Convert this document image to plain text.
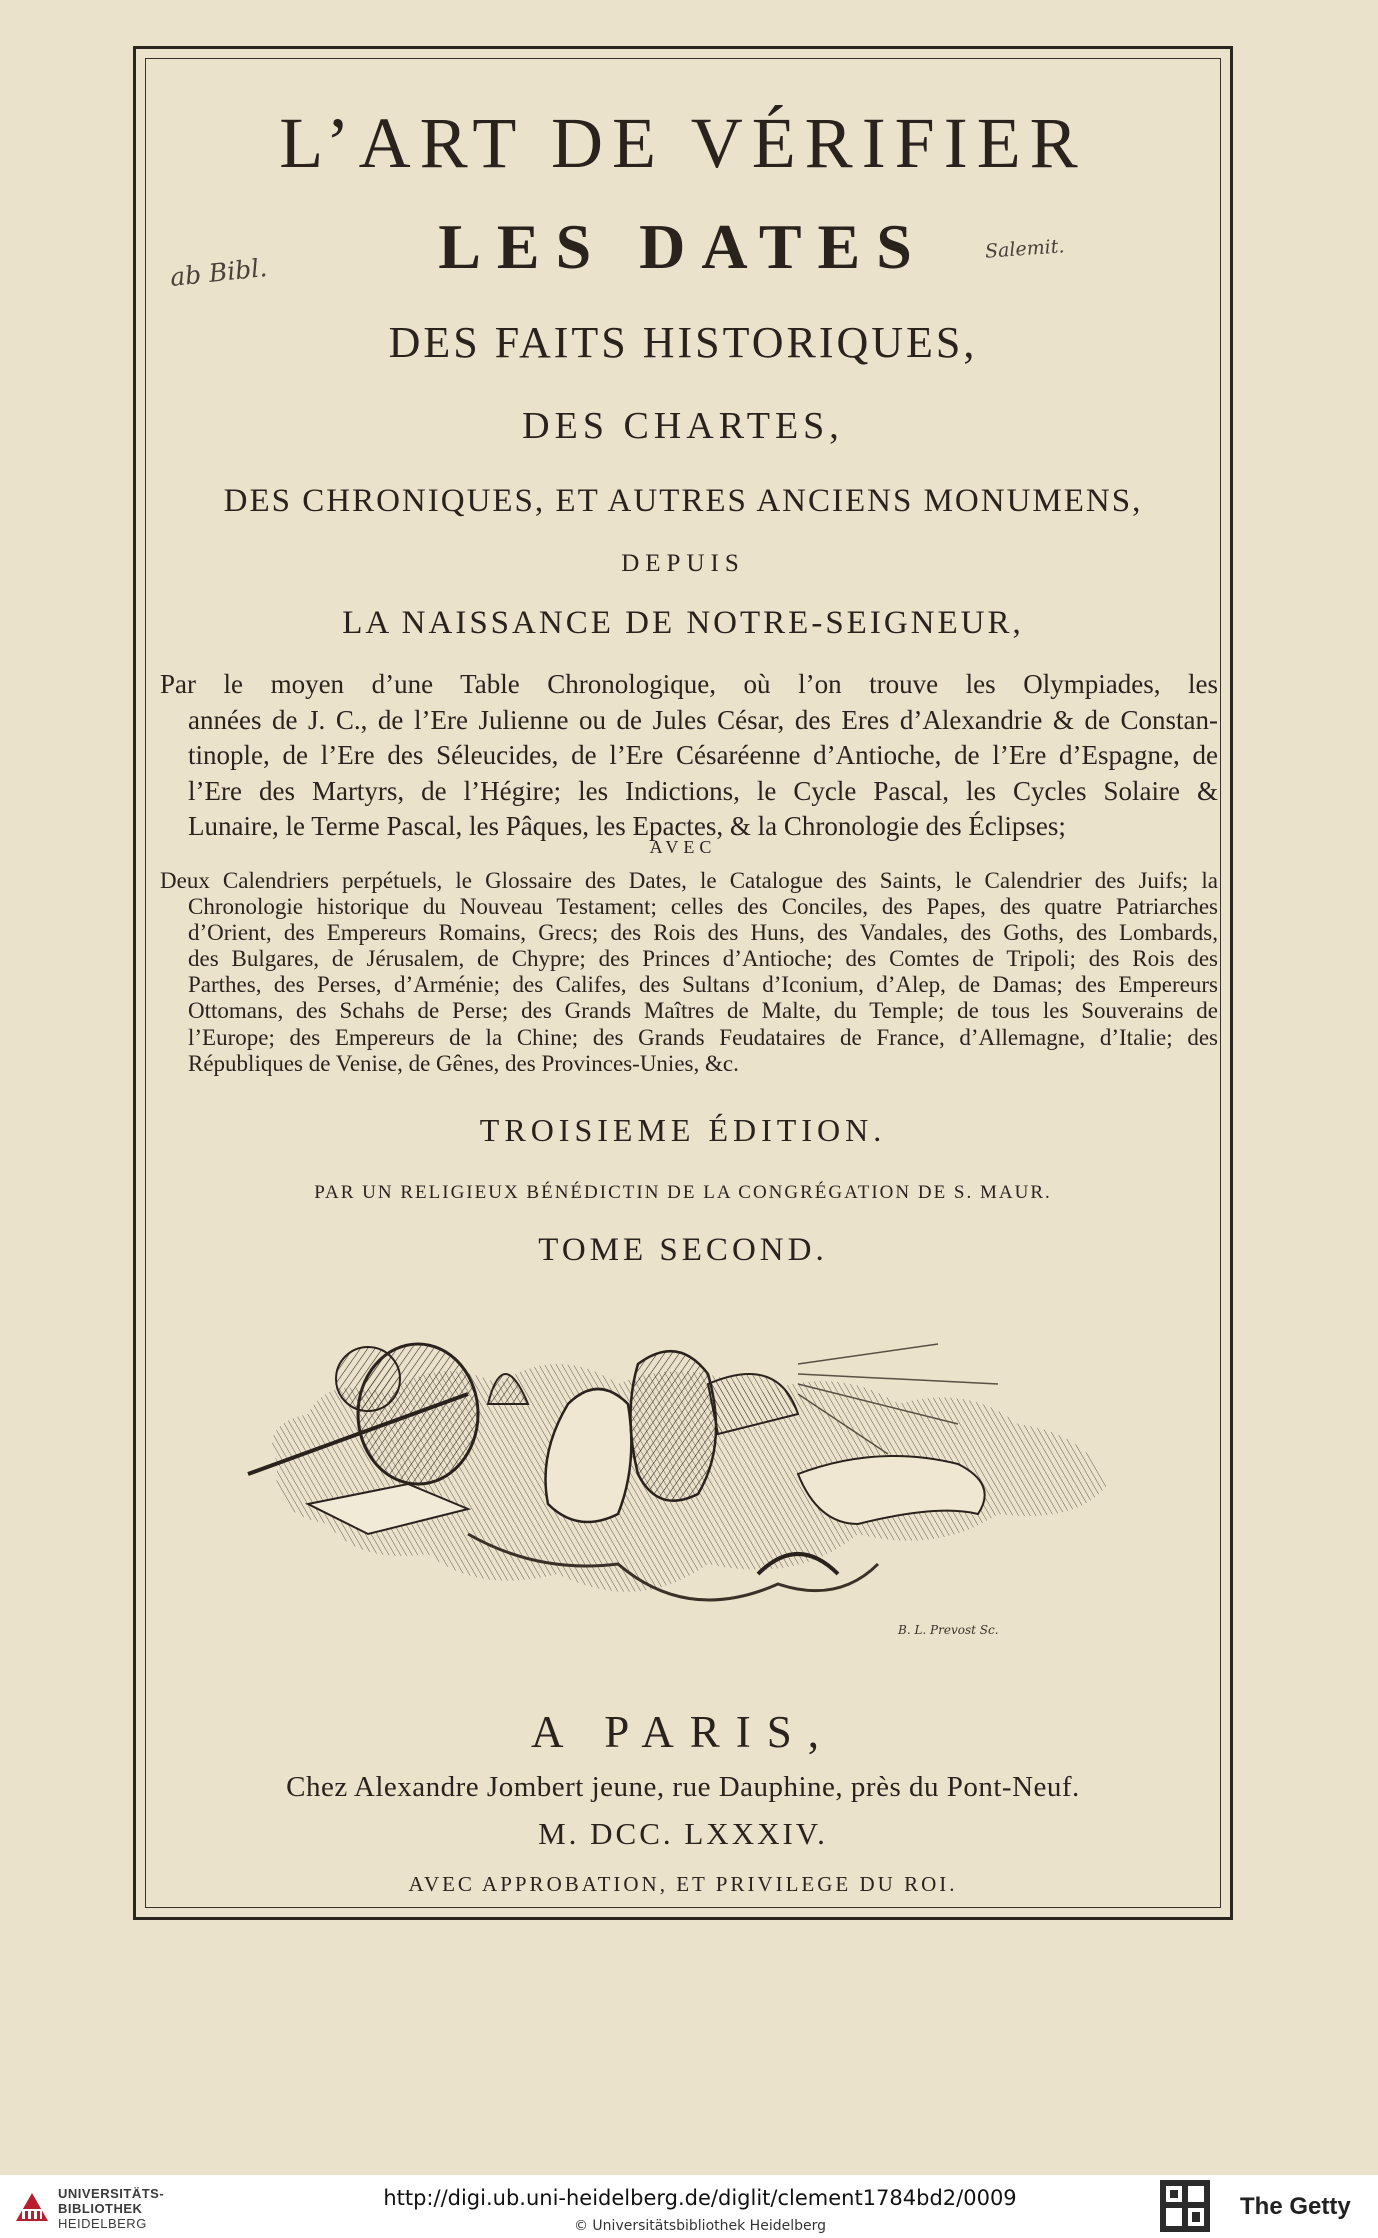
ab Bibl.
Salemit.
L’ART DE VÉRIFIER
LES DATES
DES FAITS HISTORIQUES,
DES CHARTES,
DES CHRONIQUES, ET AUTRES ANCIENS MONUMENS,
DEPUIS
LA NAISSANCE DE NOTRE-SEIGNEUR,
Par le moyen d’une Table Chronologique, où l’on trouve les Olympiades, les
années de J. C., de l’Ere Julienne ou de Jules César, des Eres d’Alexandrie & de Constan-
tinople, de l’Ere des Séleucides, de l’Ere Césaréenne d’Antioche, de l’Ere d’Espagne, de
l’Ere des Martyrs, de l’Hégire; les Indictions, le Cycle Pascal, les Cycles Solaire &
Lunaire, le Terme Pascal, les Pâques, les Epactes, & la Chronologie des Éclipses;
AVEC
Deux Calendriers perpétuels, le Glossaire des Dates, le Catalogue des Saints, le Calendrier des Juifs; la
Chronologie historique du Nouveau Testament; celles des Conciles, des Papes, des quatre Patriarches
d’Orient, des Empereurs Romains, Grecs; des Rois des Huns, des Vandales, des Goths, des Lombards,
des Bulgares, de Jérusalem, de Chypre; des Princes d’Antioche; des Comtes de Tripoli; des Rois des
Parthes, des Perses, d’Arménie; des Califes, des Sultans d’Iconium, d’Alep, de Damas; des Empereurs
Ottomans, des Schahs de Perse; des Grands Maîtres de Malte, du Temple; de tous les Souverains de
l’Europe; des Empereurs de la Chine; des Grands Feudataires de France, d’Allemagne, d’Italie; des
Républiques de Venise, de Gênes, des Provinces-Unies, &c.
TROISIEME ÉDITION.
PAR UN RELIGIEUX BÉNÉDICTIN DE LA CONGRÉGATION DE S. MAUR.
TOME SECOND.
B. L. Prevost Sc.
A PARIS,
Chez Alexandre Jombert jeune, rue Dauphine, près du Pont-Neuf.
M. DCC. LXXXIV.
AVEC APPROBATION, ET PRIVILEGE DU ROI.
UNIVERSITÄTS-
BIBLIOTHEK
HEIDELBERG
http://digi.ub.uni-heidelberg.de/diglit/clement1784bd2/0009
© Universitätsbibliothek Heidelberg
The Getty
